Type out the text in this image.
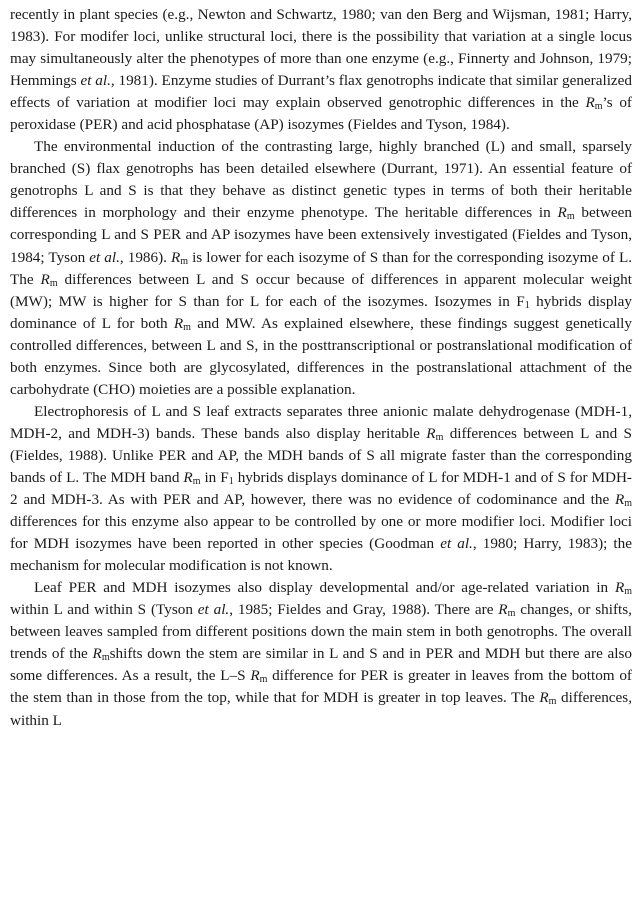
recently in plant species (e.g., Newton and Schwartz, 1980; van den Berg and Wijsman, 1981; Harry, 1983). For modifer loci, unlike structural loci, there is the possibility that variation at a single locus may simultaneously alter the phenotypes of more than one enzyme (e.g., Finnerty and Johnson, 1979; Hemmings et al., 1981). Enzyme studies of Durrant’s flax genotrophs indicate that similar generalized effects of variation at modifier loci may explain observed genotrophic differences in the $R_m’s$ of peroxidase (PER) and acid phosphatase (AP) isozymes (Fieldes and Tyson, 1984).

The environmental induction of the contrasting large, highly branched (L) and small, sparsely branched (S) flax genotrophs has been detailed elsewhere (Durrant, 1971). An essential feature of genotrophs L and S is that they behave as distinct genetic types in terms of both their heritable differences in morphology and their enzyme phenotype. The heritable differences in $R_m$ between corresponding L and S PER and AP isozymes have been extensively investigated (Fieldes and Tyson, 1984; Tyson et al., 1986). $R_m$ is lower for each isozyme of S than for the corresponding isozyme of L. The $R_m$ differences between L and S occur because of differences in apparent molecular weight (MW); MW is higher for S than for L for each of the isozymes. Isozymes in $F_1$ hybrids display dominance of L for both $R_m$ and MW. As explained elsewhere, these findings suggest genetically controlled differences, between L and S, in the posttranscriptional or postranslational modification of both enzymes. Since both are glycosylated, differences in the postranslational attachment of the carbohydrate (CHO) moieties are a possible explanation.

Electrophoresis of L and S leaf extracts separates three anionic malate dehydrogenase (MDH-1, MDH-2, and MDH-3) bands. These bands also display heritable $R_m$ differences between L and S (Fieldes, 1988). Unlike PER and AP, the MDH bands of S all migrate faster than the corresponding bands of L. The MDH band $R_m$ in $F_1$ hybrids displays dominance of L for MDH-1 and of S for MDH-2 and MDH-3. As with PER and AP, however, there was no evidence of codominance and the $R_m$ differences for this enzyme also appear to be controlled by one or more modifier loci. Modifier loci for MDH isozymes have been reported in other species (Goodman et al., 1980; Harry, 1983); the mechanism for molecular modification is not known.

Leaf PER and MDH isozymes also display developmental and/or age-related variation in $R_m$ within L and within S (Tyson et al., 1985; Fieldes and Gray, 1988). There are $R_m$ changes, or shifts, between leaves sampled from different positions down the main stem in both genotrophs. The overall trends of the $R_mshifts$ down the stem are similar in L and S and in PER and MDH but there are also some differences. As a result, the L–S $R_m$ difference for PER is greater in leaves from the bottom of the stem than in those from the top, while that for MDH is greater in top leaves. The $R_m$ differences, within L
